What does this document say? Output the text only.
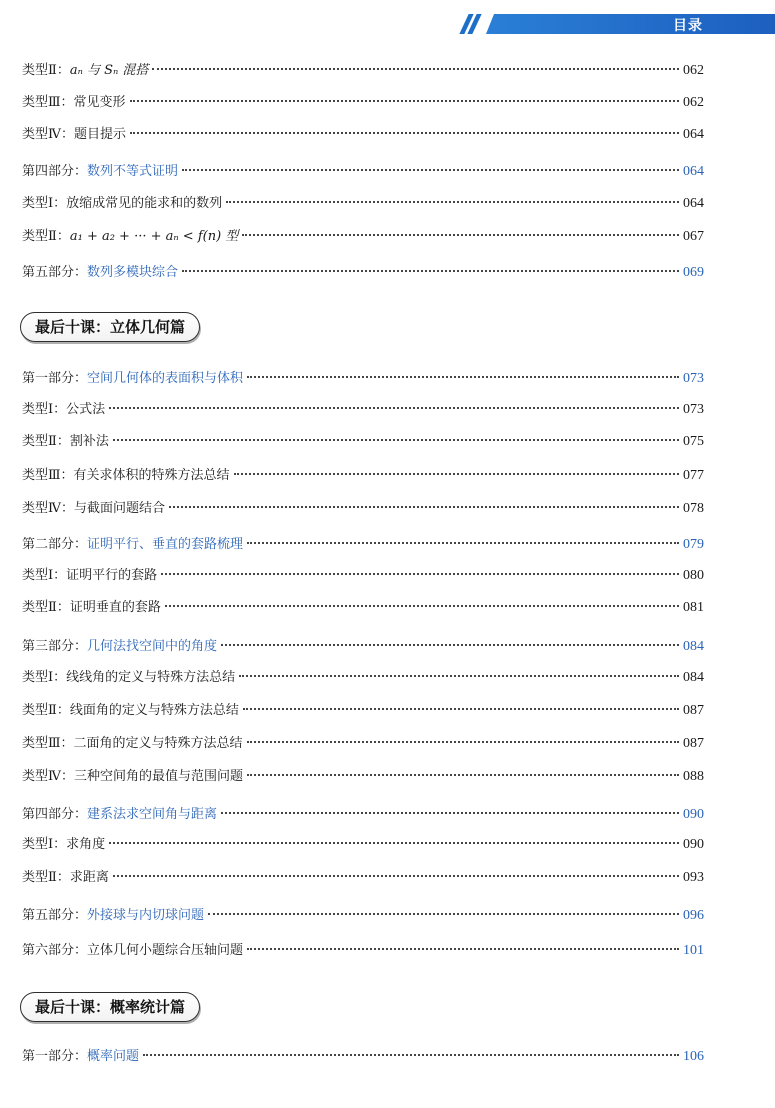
目录
类型Ⅱ： aₙ 与 Sₙ 混搭	062
类型Ⅲ： 常见变形	062
类型Ⅳ： 题目提示	064
第四部分： 数列不等式证明	064
类型Ⅰ： 放缩成常见的能求和的数列	064
类型Ⅱ： a₁ + a₂ + ··· + aₙ < f(n) 型	067
第五部分： 数列多模块综合	069
最后十课：立体几何篇
第一部分： 空间几何体的表面积与体积	073
类型Ⅰ： 公式法	073
类型Ⅱ： 割补法	075
类型Ⅲ： 有关求体积的特殊方法总结	077
类型Ⅳ： 与截面问题结合	078
第二部分： 证明平行、垂直的套路梳理	079
类型Ⅰ： 证明平行的套路	080
类型Ⅱ： 证明垂直的套路	081
第三部分： 几何法找空间中的角度	084
类型Ⅰ： 线线角的定义与特殊方法总结	084
类型Ⅱ： 线面角的定义与特殊方法总结	087
类型Ⅲ： 二面角的定义与特殊方法总结	087
类型Ⅳ： 三种空间角的最值与范围问题	088
第四部分： 建系法求空间角与距离	090
类型Ⅰ： 求角度	090
类型Ⅱ： 求距离	093
第五部分： 外接球与内切球问题	096
第六部分： 立体几何小题综合压轴问题	101
最后十课：概率统计篇
第一部分： 概率问题	106
